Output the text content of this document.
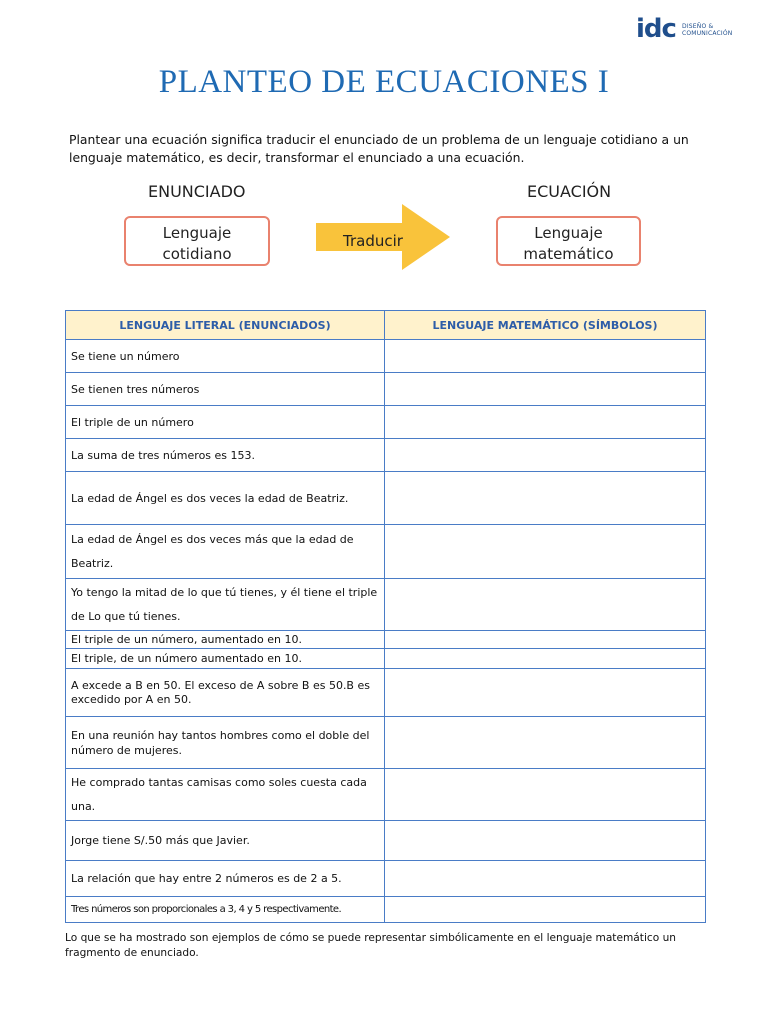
idc DISEÑO &
COMUNICACIÓN
PLANTEO DE ECUACIONES I
Plantear una ecuación significa traducir el enunciado de un problema de un lenguaje cotidiano a un lenguaje matemático, es decir, transformar el enunciado a una ecuación.
ENUNCIADO
Lenguaje
cotidiano
Traducir
ECUACIÓN
Lenguaje
matemático
LENGUAJE LITERAL (ENUNCIADOS)	LENGUAJE MATEMÁTICO (SÍMBOLOS)
Se tiene un número	
Se tienen tres números	
El triple de un número	
La suma de tres números es 153.	
La edad de Ángel es dos veces la edad de Beatriz.	
La edad de Ángel es dos veces más que la edad de Beatriz.	
Yo tengo la mitad de lo que tú tienes, y él tiene el triple de Lo que tú tienes.	
El triple de un número, aumentado en 10.	
El triple, de un número aumentado en 10.	
A excede a B en 50. El exceso de A sobre B es 50.B es excedido por A en 50.	
En una reunión hay tantos hombres como el doble del número de mujeres.	
He comprado tantas camisas como soles cuesta cada una.	
Jorge tiene S/.50 más que Javier.	
La relación que hay entre 2 números es de 2 a 5.	
Tres números son proporcionales a 3, 4 y 5 respectivamente.	
Lo que se ha mostrado son ejemplos de cómo se puede representar simbólicamente en el lenguaje matemático un fragmento de enunciado.
